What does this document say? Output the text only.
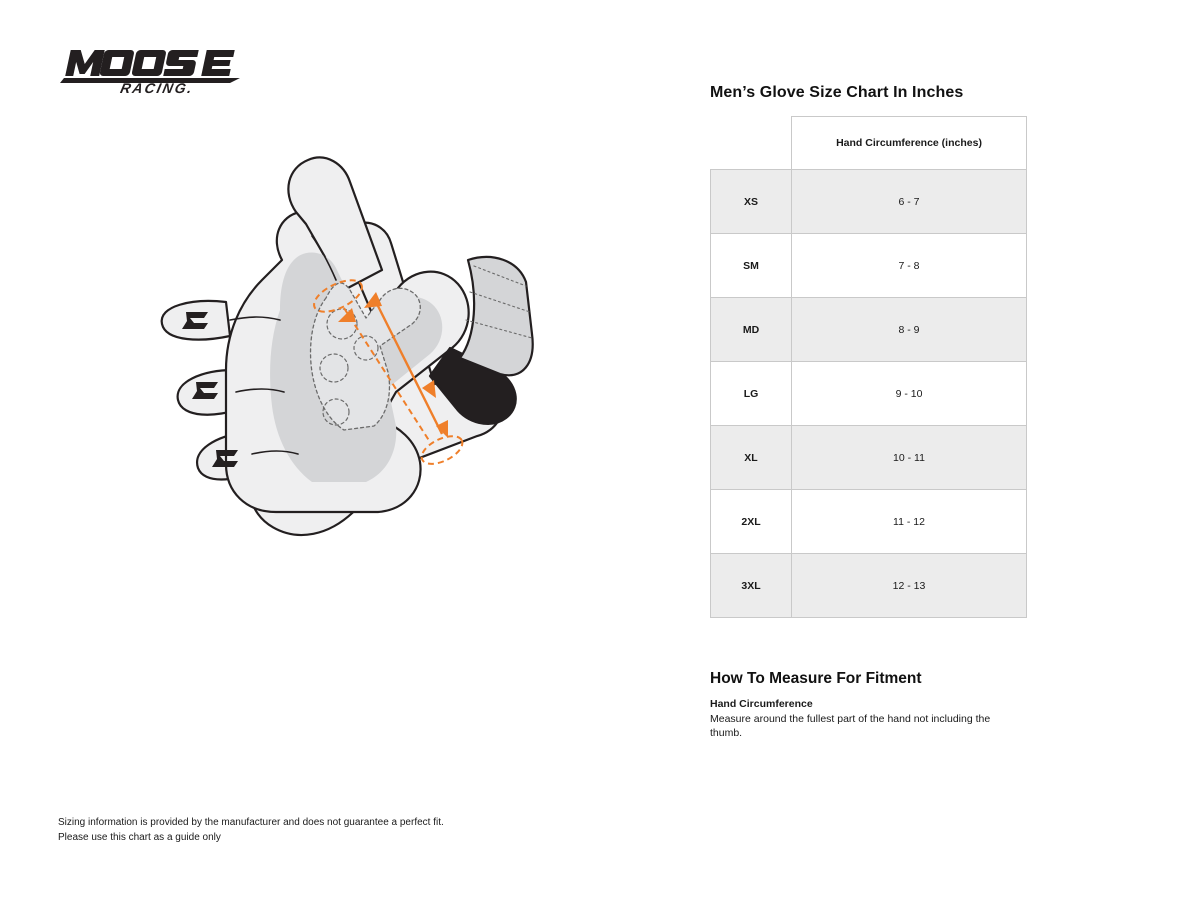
RACING.	Men’s Glove Size Chart In Inches
	Hand Circumference (inches)
XS	6 - 7
SM	7 - 8
MD	8 - 9
LG	9 - 10
XL	10 - 11
2XL	11 - 12
3XL	12 - 13
How To Measure For Fitment

Hand Circumference

Measure around the fullest part of the hand not including the thumb.

Sizing information is provided by the manufacturer and does not guarantee a perfect fit.
Please use this chart as a guide only
